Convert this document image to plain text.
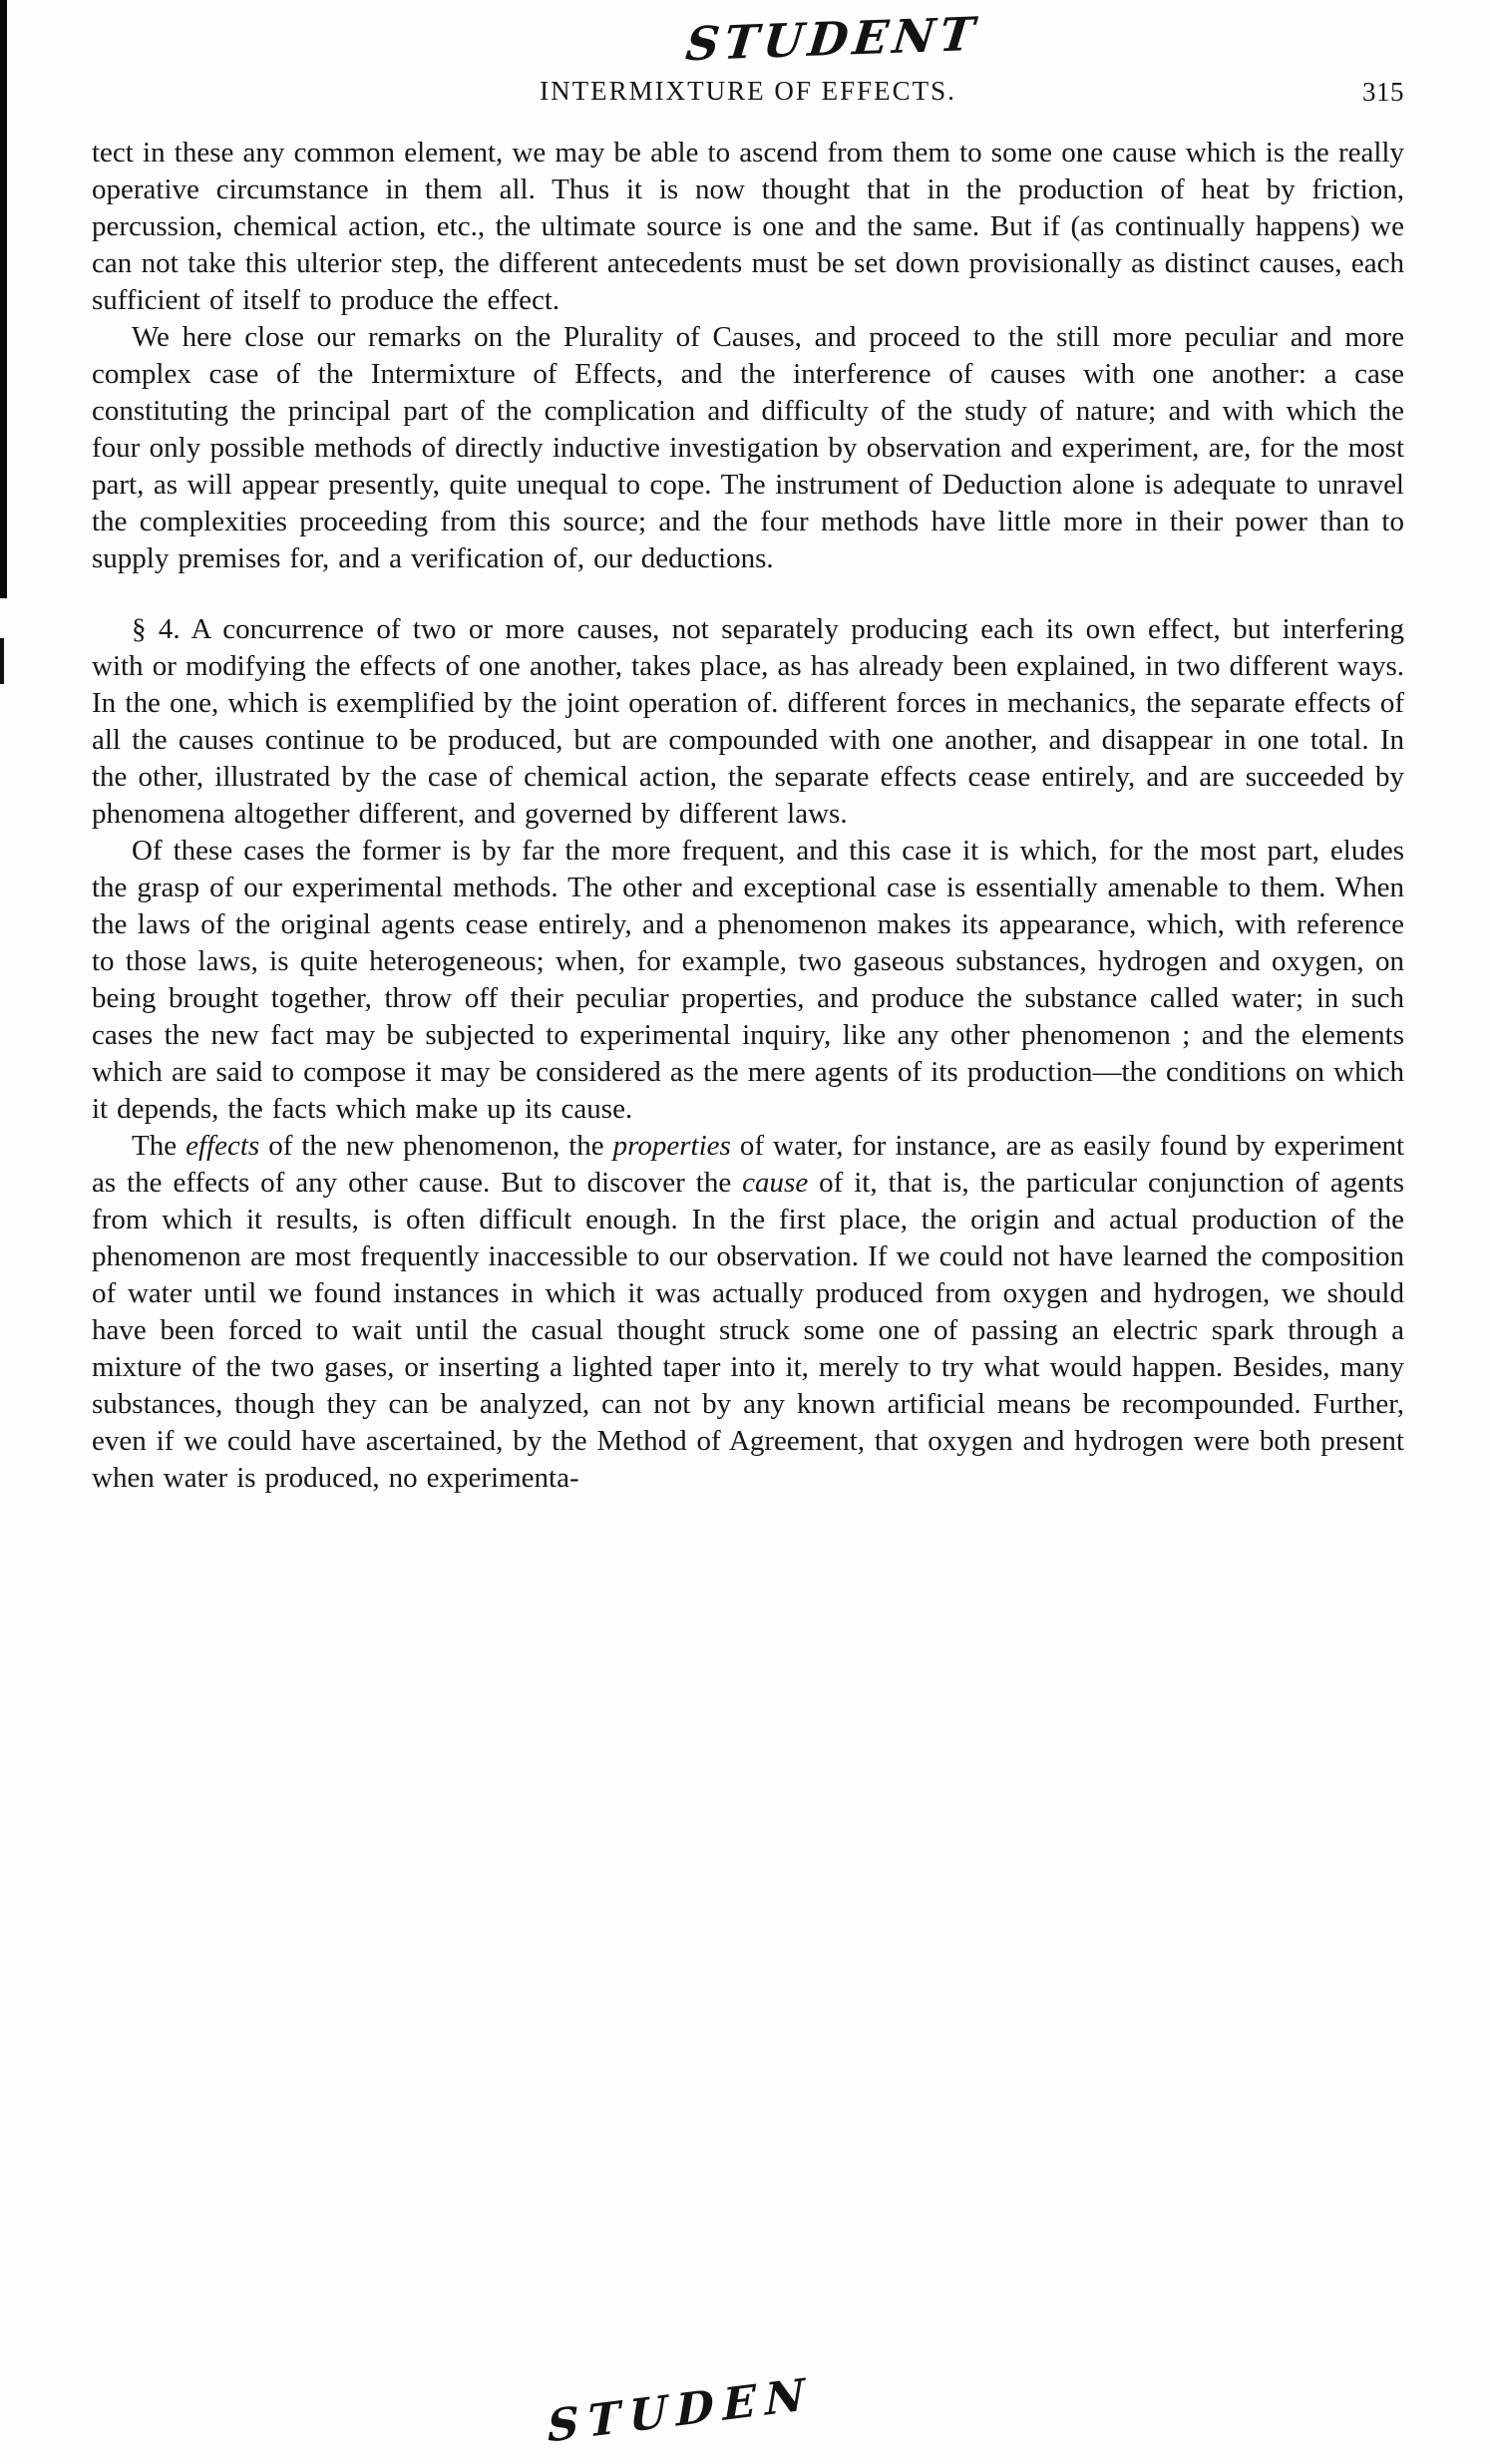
STUDENT
INTERMIXTURE OF EFFECTS.	315

tect in these any common element, we may be able to ascend from them to some one cause which is the really operative circumstance in them all. Thus it is now thought that in the production of heat by friction, percussion, chemical action, etc., the ultimate source is one and the same. But if (as continually happens) we can not take this ulterior step, the different antecedents must be set down provisionally as distinct causes, each sufficient of itself to produce the effect.

We here close our remarks on the Plurality of Causes, and proceed to the still more peculiar and more complex case of the Intermixture of Effects, and the interference of causes with one another: a case constituting the principal part of the complication and difficulty of the study of nature; and with which the four only possible methods of directly inductive investigation by observation and experiment, are, for the most part, as will appear presently, quite unequal to cope. The instrument of Deduction alone is adequate to unravel the complexities proceeding from this source; and the four methods have little more in their power than to supply premises for, and a verification of, our deductions.

§ 4. A concurrence of two or more causes, not separately producing each its own effect, but interfering with or modifying the effects of one another, takes place, as has already been explained, in two different ways. In the one, which is exemplified by the joint operation of. different forces in mechanics, the separate effects of all the causes continue to be produced, but are compounded with one another, and disappear in one total. In the other, illustrated by the case of chemical action, the separate effects cease entirely, and are succeeded by phenomena altogether different, and governed by different laws.

Of these cases the former is by far the more frequent, and this case it is which, for the most part, eludes the grasp of our experimental methods. The other and exceptional case is essentially amenable to them. When the laws of the original agents cease entirely, and a phenomenon makes its appearance, which, with reference to those laws, is quite heterogeneous; when, for example, two gaseous substances, hydrogen and oxygen, on being brought together, throw off their peculiar properties, and produce the substance called water; in such cases the new fact may be subjected to experimental inquiry, like any other phenomenon ; and the elements which are said to compose it may be considered as the mere agents of its production—the conditions on which it depends, the facts which make up its cause.

The effects of the new phenomenon, the properties of water, for instance, are as easily found by experiment as the effects of any other cause. But to discover the cause of it, that is, the particular conjunction of agents from which it results, is often difficult enough. In the first place, the origin and actual production of the phenomenon are most frequently inaccessible to our observation. If we could not have learned the composition of water until we found instances in which it was actually produced from oxygen and hydrogen, we should have been forced to wait until the casual thought struck some one of passing an electric spark through a mixture of the two gases, or inserting a lighted taper into it, merely to try what would happen. Besides, many substances, though they can be analyzed, can not by any known artificial means be recompounded. Further, even if we could have ascertained, by the Method of Agreement, that oxygen and hydrogen were both present when water is produced, no experimenta-

STUDEN
